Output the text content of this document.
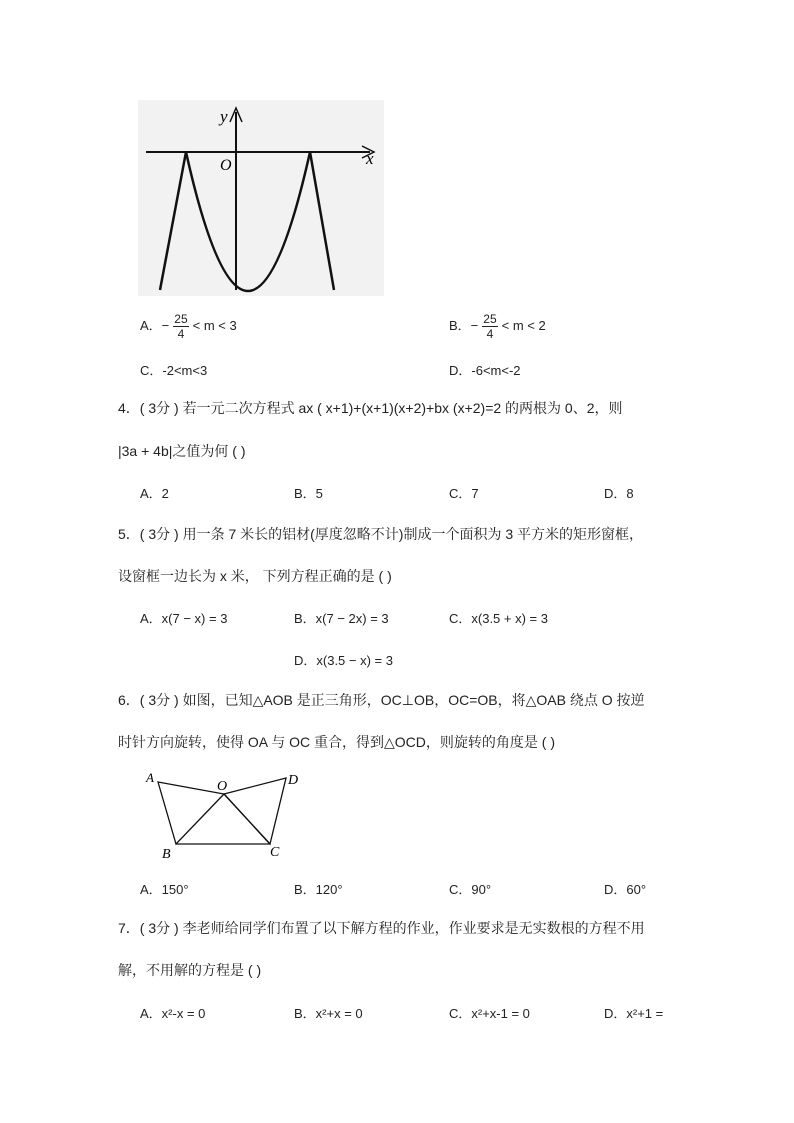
y
x
O
A．− $\frac{25}{4} < m < 3$	B．− $\frac{25}{4} < m < 2$
C．-2<m<3	D．-6<m<-2
4．( 3分 ) 若一元二次方程式 ax ( x+1)+(x+1)(x+2)+bx (x+2)=2 的两根为 0、2，则
|3a + 4b|之值为何 ( )
A．2	B．5	C．7	D．8
5．( 3分 ) 用一条 7 米长的铝材(厚度忽略不计)制成一个面积为 3 平方米的矩形窗框，
设窗框一边长为 x 米， 下列方程正确的是 ( )
A．x(7 − x) = 3	B．x(7 − 2x) = 3	C．x(3.5 + x) = 3
D．x(3.5 − x) = 3
6．( 3分 ) 如图，已知△AOB 是正三角形，OC⊥OB，OC=OB，将△OAB 绕点 O 按逆
时针方向旋转，使得 OA 与 OC 重合，得到△OCD，则旋转的角度是 ( )
A
O	D
B	C
A．150°	B．120°	C．90°	D．60°
7．( 3分 ) 李老师给同学们布置了以下解方程的作业，作业要求是无实数根的方程不用
解，不用解的方程是 ( )
A．x²-x = 0	B．x²+x = 0	C．x²+x-1 = 0	D．x²+1 =
